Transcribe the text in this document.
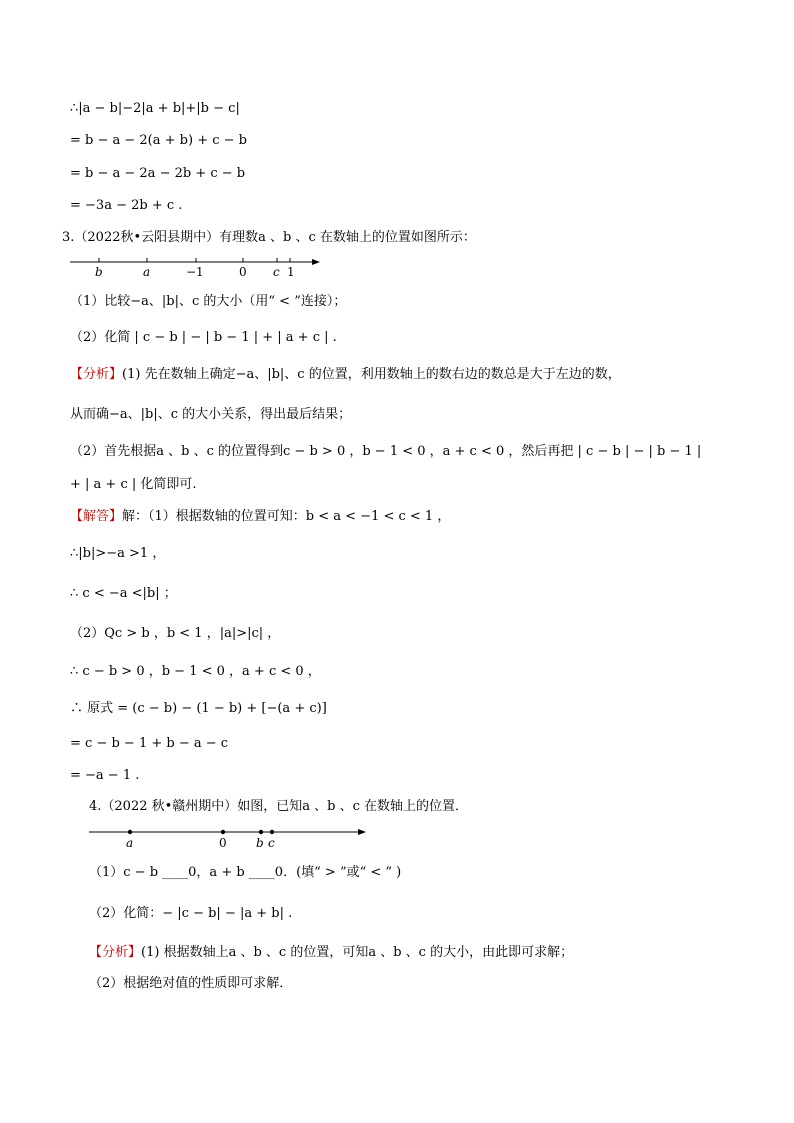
∴|a − b|−2|a + b|+|b − c|
= b − a − 2(a + b) + c − b
= b − a − 2a − 2b + c − b
= −3a − 2b + c .
3.（2022秋•云阳县期中）有理数a 、b 、c 在数轴上的位置如图所示：
b	a	−1	0 c 1
（1）比较−a、|b|、c 的大小（用“ < ”连接）；
（2）化简 | c − b | − | b − 1 | + | a + c | .
【分析】(1) 先在数轴上确定−a、|b|、c 的位置，利用数轴上的数右边的数总是大于左边的数，
从而确−a、|b|、c 的大小关系，得出最后结果；
（2）首先根据a 、b 、c 的位置得到c − b > 0 ，b − 1 < 0 ，a + c < 0 ，然后再把 | c − b | − | b − 1 |
+ | a + c | 化简即可.
【解答】解：（1）根据数轴的位置可知：b < a < −1 < c < 1 ，
∴|b|>−a >1 ，
∴ c < −a <|b| ；
（2）Qc > b ，b < 1 ，|a|>|c| ，
∴ c − b > 0 ，b − 1 < 0 ，a + c < 0 ，
∴ 原式 = (c − b) − (1 − b) + [−(a + c)]
= c − b − 1 + b − a − c
= −a − 1 .
4.（2022 秋•赣州期中）如图，已知a 、b 、c 在数轴上的位置．
a	0 b c
（1）c − b ____0，a + b ____0．(填“ > ”或“ < ” )
（2）化简：− |c − b| − |a + b| .
【分析】(1) 根据数轴上a 、b 、c 的位置，可知a 、b 、c 的大小，由此即可求解；
（2）根据绝对值的性质即可求解．
